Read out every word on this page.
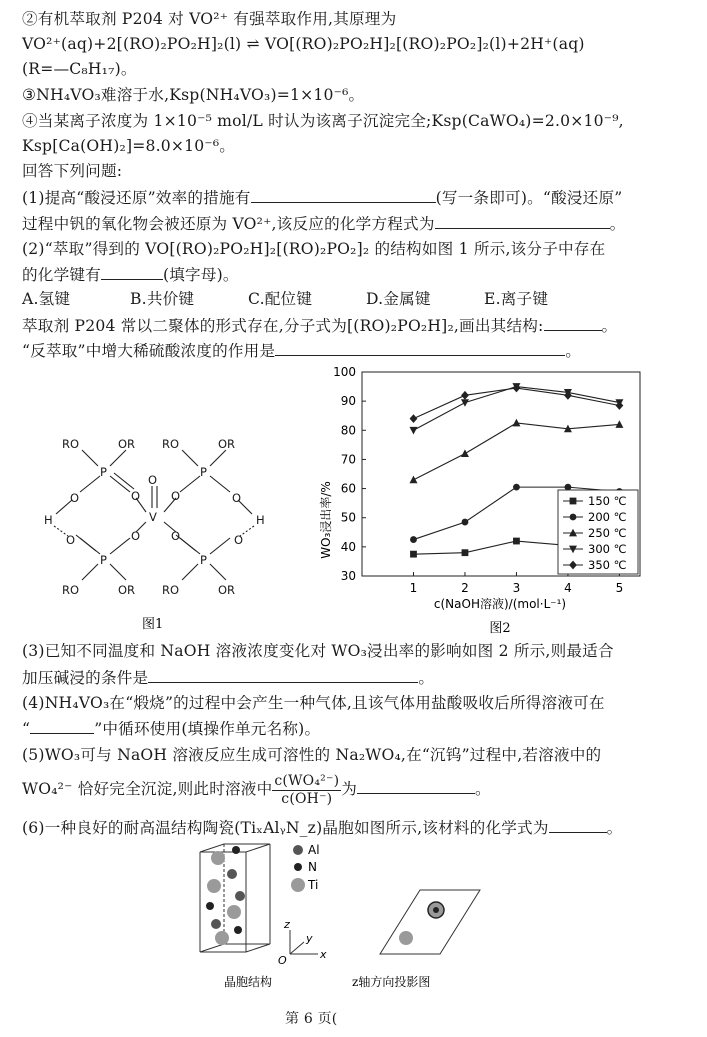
②有机萃取剂 P204 对 VO²⁺ 有强萃取作用,其原理为
VO²⁺(aq)+2[(RO)₂PO₂H]₂(l) ⇌ VO[(RO)₂PO₂H]₂[(RO)₂PO₂]₂(l)+2H⁺(aq)
(R=—C₈H₁₇)。
③NH₄VO₃难溶于水,Ksp(NH₄VO₃)=1×10⁻⁶。
④当某离子浓度为 1×10⁻⁵ mol/L 时认为该离子沉淀完全;Ksp(CaWO₄)=2.0×10⁻⁹,
Ksp[Ca(OH)₂]=8.0×10⁻⁶。
回答下列问题:
(1)提高“酸浸还原”效率的措施有	(写一条即可)。“酸浸还原”
过程中钒的氧化物会被还原为 VO²⁺,该反应的化学方程式为	。
(2)“萃取”得到的 VO[(RO)₂PO₂H]₂[(RO)₂PO₂]₂ 的结构如图 1 所示,该分子中存在
的化学键有	(填字母)。
A.氢键	B.共价键	C.配位键	D.金属键	E.离子键
萃取剂 P204 常以二聚体的形式存在,分子式为[(RO)₂PO₂H]₂,画出其结构:	。
“反萃取”中增大稀硫酸浓度的作用是	。
RO	OR RO	OR
P	P
O	O
O
O	O
V
H	H
O	O	O	O
P	P
RO	OR RO	OR
图1
30
40
50
60
70
80
90
100
1	2	3	4	5
150 ℃
200 ℃
250 ℃
300 ℃
350 ℃
WO₃浸出率/%
c(NaOH溶液)/(mol·L⁻¹)
图2
(3)已知不同温度和 NaOH 溶液浓度变化对 WO₃浸出率的影响如图 2 所示,则最适合
加压碱浸的条件是	。
(4)NH₄VO₃在“煅烧”的过程中会产生一种气体,且该气体用盐酸吸收后所得溶液可在
“	”中循环使用(填操作单元名称)。
(5)WO₃可与 NaOH 溶液反应生成可溶性的 Na₂WO₄,在“沉钨”过程中,若溶液中的
WO₄²⁻ 恰好完全沉淀,则此时溶液中 $\frac{\text{c(WO₄²⁻)}}{c(OH^-)}$ 为	。
(6)一种良好的耐高温结构陶瓷(TiₓAlᵧN_z)晶胞如图所示,该材料的化学式为	。
Al
N
Ti
z
y
x
O
晶胞结构	z轴方向投影图
第 6 页(
